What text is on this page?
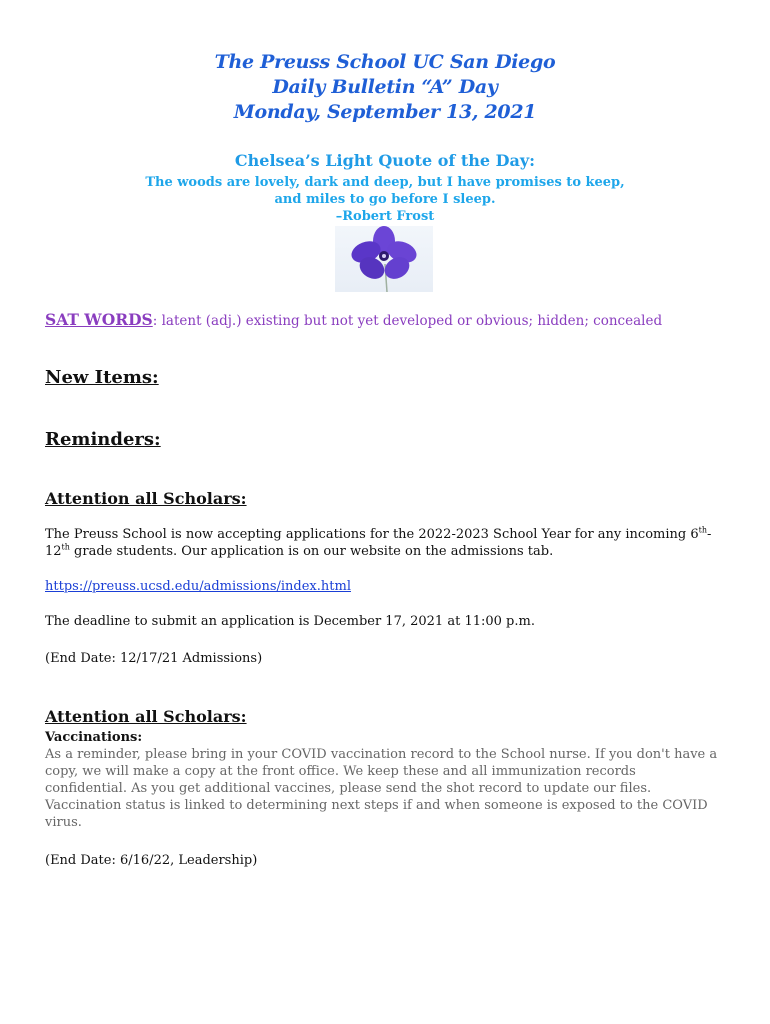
The Preuss School UC San Diego
Daily Bulletin “A” Day
Monday, September 13, 2021
Chelsea’s Light Quote of the Day:
The woods are lovely, dark and deep, but I have promises to keep,
and miles to go before I sleep.
–Robert Frost
SAT WORDS: latent (adj.) existing but not yet developed or obvious; hidden; concealed
New Items:
Reminders:
Attention all Scholars:
The Preuss School is now accepting applications for the 2022-2023 School Year for any incoming 6th-
12th grade students. Our application is on our website on the admissions tab.
https://preuss.ucsd.edu/admissions/index.html
The deadline to submit an application is December 17, 2021 at 11:00 p.m.
(End Date: 12/17/21 Admissions)
Attention all Scholars:
Vaccinations:
As a reminder, please bring in your COVID vaccination record to the School nurse. If you don't have a
copy, we will make a copy at the front office. We keep these and all immunization records
confidential. As you get additional vaccines, please send the shot record to update our files.
Vaccination status is linked to determining next steps if and when someone is exposed to the COVID
virus.
(End Date: 6/16/22, Leadership)
